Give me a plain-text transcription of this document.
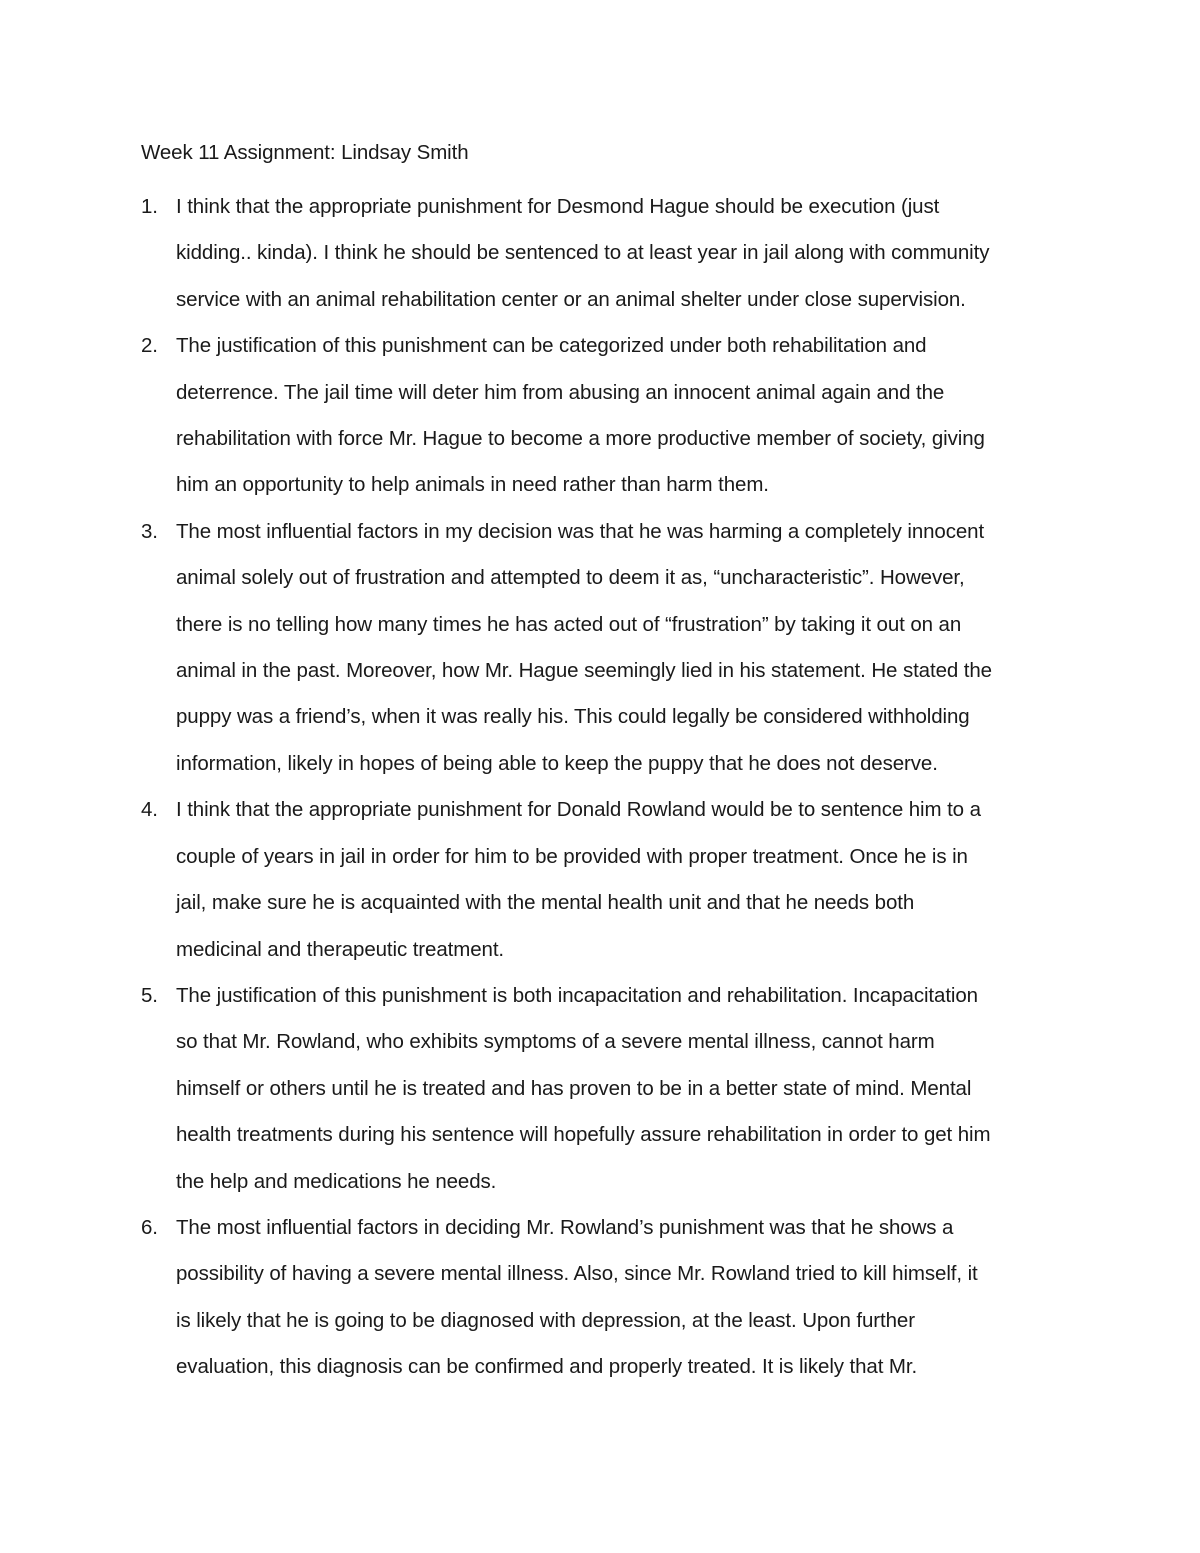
Week 11 Assignment: Lindsay Smith
1. I think that the appropriate punishment for Desmond Hague should be execution (just
kidding.. kinda). I think he should be sentenced to at least year in jail along with community
service with an animal rehabilitation center or an animal shelter under close supervision.
2. The justification of this punishment can be categorized under both rehabilitation and
deterrence. The jail time will deter him from abusing an innocent animal again and the
rehabilitation with force Mr. Hague to become a more productive member of society, giving
him an opportunity to help animals in need rather than harm them.
3. The most influential factors in my decision was that he was harming a completely innocent
animal solely out of frustration and attempted to deem it as, “uncharacteristic”. However,
there is no telling how many times he has acted out of “frustration” by taking it out on an
animal in the past. Moreover, how Mr. Hague seemingly lied in his statement. He stated the
puppy was a friend’s, when it was really his. This could legally be considered withholding
information, likely in hopes of being able to keep the puppy that he does not deserve.
4. I think that the appropriate punishment for Donald Rowland would be to sentence him to a
couple of years in jail in order for him to be provided with proper treatment. Once he is in
jail, make sure he is acquainted with the mental health unit and that he needs both
medicinal and therapeutic treatment.
5. The justification of this punishment is both incapacitation and rehabilitation. Incapacitation
so that Mr. Rowland, who exhibits symptoms of a severe mental illness, cannot harm
himself or others until he is treated and has proven to be in a better state of mind. Mental
health treatments during his sentence will hopefully assure rehabilitation in order to get him
the help and medications he needs.
6. The most influential factors in deciding Mr. Rowland’s punishment was that he shows a
possibility of having a severe mental illness. Also, since Mr. Rowland tried to kill himself, it
is likely that he is going to be diagnosed with depression, at the least. Upon further
evaluation, this diagnosis can be confirmed and properly treated. It is likely that Mr.
